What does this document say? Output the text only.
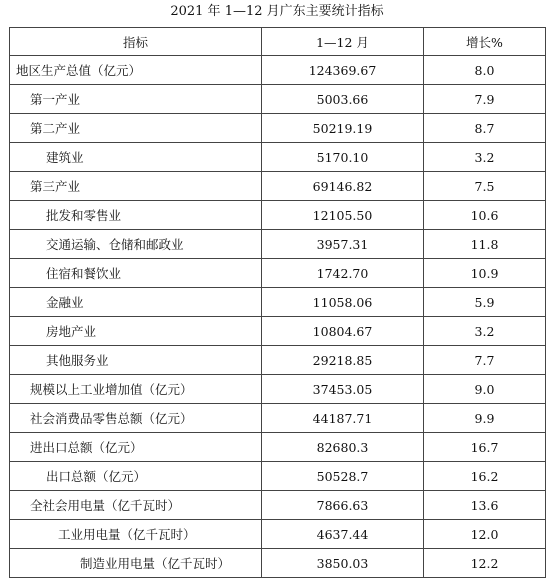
2021 年 1—12 月广东主要统计指标
指标	1—12 月	增长%
地区生产总值（亿元）	124369.67	8.0
第一产业	5003.66	7.9
第二产业	50219.19	8.7
建筑业	5170.10	3.2
第三产业	69146.82	7.5
批发和零售业	12105.50	10.6
交通运输、仓储和邮政业	3957.31	11.8
住宿和餐饮业	1742.70	10.9
金融业	11058.06	5.9
房地产业	10804.67	3.2
其他服务业	29218.85	7.7
规模以上工业增加值（亿元）	37453.05	9.0
社会消费品零售总额（亿元）	44187.71	9.9
进出口总额（亿元）	82680.3	16.7
出口总额（亿元）	50528.7	16.2
全社会用电量（亿千瓦时）	7866.63	13.6
工业用电量（亿千瓦时）	4637.44	12.0
制造业用电量（亿千瓦时）	3850.03	12.2
